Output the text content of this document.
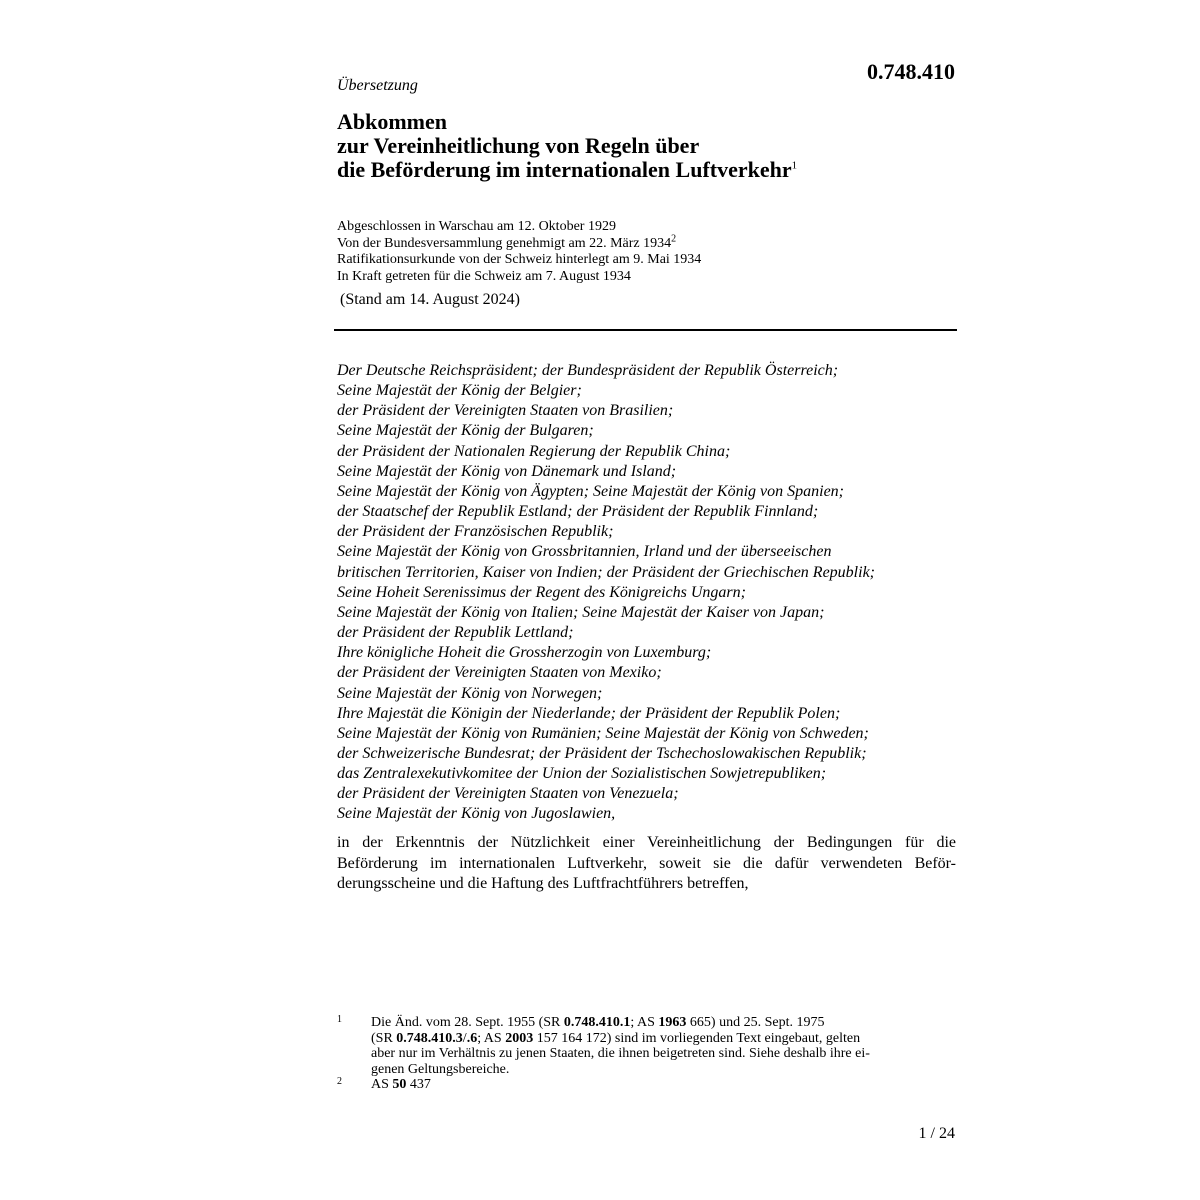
0.748.410
Übersetzung
Abkommen
zur Vereinheitlichung von Regeln über
die Beförderung im internationalen Luftverkehr$^1$
Abgeschlossen in Warschau am 12. Oktober 1929
Von der Bundesversammlung genehmigt am 22. März 1934$^2$
Ratifikationsurkunde von der Schweiz hinterlegt am 9. Mai 1934
In Kraft getreten für die Schweiz am 7. August 1934
(Stand am 14. August 2024)
Der Deutsche Reichspräsident; der Bundespräsident der Republik Österreich;
Seine Majestät der König der Belgier;
der Präsident der Vereinigten Staaten von Brasilien;
Seine Majestät der König der Bulgaren;
der Präsident der Nationalen Regierung der Republik China;
Seine Majestät der König von Dänemark und Island;
Seine Majestät der König von Ägypten; Seine Majestät der König von Spanien;
der Staatschef der Republik Estland; der Präsident der Republik Finnland;
der Präsident der Französischen Republik;
Seine Majestät der König von Grossbritannien, Irland und der überseeischen
britischen Territorien, Kaiser von Indien; der Präsident der Griechischen Republik;
Seine Hoheit Serenissimus der Regent des Königreichs Ungarn;
Seine Majestät der König von Italien; Seine Majestät der Kaiser von Japan;
der Präsident der Republik Lettland;
Ihre königliche Hoheit die Grossherzogin von Luxemburg;
der Präsident der Vereinigten Staaten von Mexiko;
Seine Majestät der König von Norwegen;
Ihre Majestät die Königin der Niederlande; der Präsident der Republik Polen;
Seine Majestät der König von Rumänien; Seine Majestät der König von Schweden;
der Schweizerische Bundesrat; der Präsident der Tschechoslowakischen Republik;
das Zentralexekutivkomitee der Union der Sozialistischen Sowjetrepubliken;
der Präsident der Vereinigten Staaten von Venezuela;
Seine Majestät der König von Jugoslawien,
in der Erkenntnis der Nützlichkeit einer Vereinheitlichung der Bedingungen für die
Beförderung im internationalen Luftverkehr, soweit sie die dafür verwendeten Beför-
derungsscheine und die Haftung des Luftfrachtführers betreffen,
1 Die Änd. vom 28. Sept. 1955 (SR 0.748.410.1; AS 1963 665) und 25. Sept. 1975
(SR 0.748.410.3/.6; AS 2003 157 164 172) sind im vorliegenden Text eingebaut, gelten
aber nur im Verhältnis zu jenen Staaten, die ihnen beigetreten sind. Siehe deshalb ihre ei-
genen Geltungsbereiche.
2 AS 50 437
1 / 24
